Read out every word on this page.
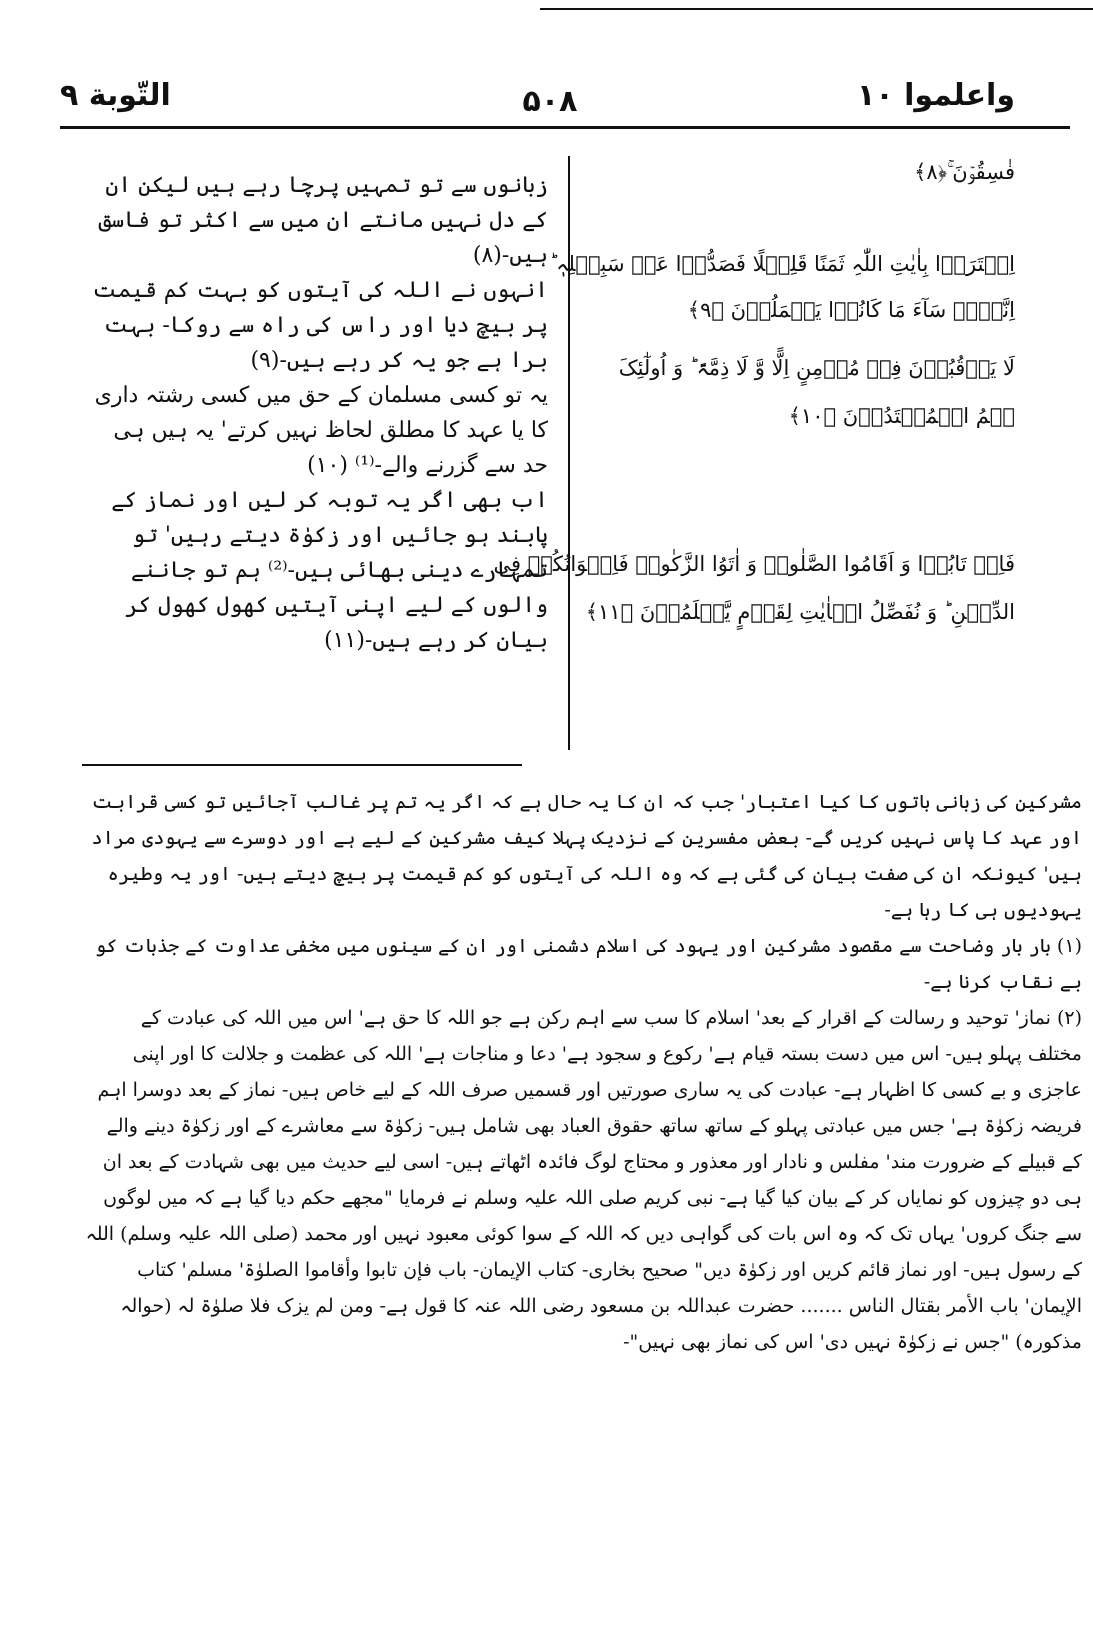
واعلموا ۱۰
۵۰۸
التّوبة ۹
فٰسِقُوۡنَ ۚ﴿۸﴾
اِشۡتَرَوۡا بِاٰیٰتِ اللّٰہِ ثَمَنًا قَلِیۡلًا فَصَدُّوۡا عَنۡ سَبِیۡلِہٖ ؕ
اِنَّہُمۡ سَآءَ مَا کَانُوۡا یَعۡمَلُوۡنَ ﴿۹﴾
لَا یَرۡقُبُوۡنَ فِیۡ مُؤۡمِنٍ اِلًّا وَّ لَا ذِمَّۃً ؕ وَ اُولٰٓئِکَ
ہُمُ الۡمُعۡتَدُوۡنَ ﴿۱۰﴾
فَاِنۡ تَابُوۡا وَ اَقَامُوا الصَّلٰوۃَ وَ اٰتَوُا الزَّکٰوۃَ فَاِخۡوَانُکُمۡ فِی
الدِّیۡنِ ؕ وَ نُفَصِّلُ الۡاٰیٰتِ لِقَوۡمٍ یَّعۡلَمُوۡنَ ﴿۱۱﴾

زبانوں سے تو تمہیں پرچا رہے ہیں لیکن ان کے دل نہیں مانتے ان میں سے اکثر تو فاسق ہیں-(۸)

انہوں نے اللہ کی آیتوں کو بہت کم قیمت پر بیچ دیا اور راس کی راہ سے روکا- بہت برا ہے جو یہ کر رہے ہیں-(۹)

یہ تو کسی مسلمان کے حق میں کسی رشتہ داری کا یا عہد کا مطلق لحاظ نہیں کرتے' یہ ہیں ہی حد سے گزرنے والے-⁽¹⁾ (۱۰)

اب بھی اگر یہ توبہ کر لیں اور نماز کے پابند ہو جائیں اور زکوٰۃ دیتے رہیں' تو تمہارے دینی بھائی ہیں-⁽²⁾ ہم تو جاننے والوں کے لیے اپنی آیتیں کھول کھول کر بیان کر رہے ہیں-(۱۱)

مشرکین کی زبانی باتوں کا کیا اعتبار' جب کہ ان کا یہ حال ہے کہ اگر یہ تم پر غالب آجائیں تو کسی قرابت اور عہد کا پاس نہیں کریں گے- بعض مفسرین کے نزدیک پہلا کیف مشرکین کے لیے ہے اور دوسرے سے یہودی مراد ہیں' کیونکہ ان کی صفت بیان کی گئی ہے کہ وہ اللہ کی آیتوں کو کم قیمت پر بیچ دیتے ہیں- اور یہ وطیرہ یہودیوں ہی کا رہا ہے-

(۱) بار بار وضاحت سے مقصود مشرکین اور یہود کی اسلام دشمنی اور ان کے سینوں میں مخفی عداوت کے جذبات کو بے نقاب کرنا ہے-

(۲) نماز' توحید و رسالت کے اقرار کے بعد' اسلام کا سب سے اہم رکن ہے جو اللہ کا حق ہے' اس میں اللہ کی عبادت کے مختلف پہلو ہیں- اس میں دست بستہ قیام ہے' رکوع و سجود ہے' دعا و مناجات ہے' اللہ کی عظمت و جلالت کا اور اپنی عاجزی و بے کسی کا اظہار ہے- عبادت کی یہ ساری صورتیں اور قسمیں صرف اللہ کے لیے خاص ہیں- نماز کے بعد دوسرا اہم فریضہ زکوٰۃ ہے' جس میں عبادتی پہلو کے ساتھ ساتھ حقوق العباد بھی شامل ہیں- زکوٰۃ سے معاشرے کے اور زکوٰۃ دینے والے کے قبیلے کے ضرورت مند' مفلس و نادار اور معذور و محتاج لوگ فائدہ اٹھاتے ہیں- اسی لیے حدیث میں بھی شہادت کے بعد ان ہی دو چیزوں کو نمایاں کر کے بیان کیا گیا ہے- نبی کریم صلی اللہ علیہ وسلم نے فرمایا "مجھے حکم دیا گیا ہے کہ میں لوگوں سے جنگ کروں' یہاں تک کہ وہ اس بات کی گواہی دیں کہ اللہ کے سوا کوئی معبود نہیں اور محمد (صلی اللہ علیہ وسلم) اللہ کے رسول ہیں- اور نماز قائم کریں اور زکوٰۃ دیں" صحیح بخاری- کتاب الإیمان- باب فإن تابوا وأقاموا الصلوٰۃ' مسلم' کتاب الإیمان' باب الأمر بقتال الناس ....... حضرت عبداللہ بن مسعود رضی اللہ عنہ کا قول ہے- ومن لم یزک فلا صلوٰۃ لہ (حوالہ مذکورہ) "جس نے زکوٰۃ نہیں دی' اس کی نماز بھی نہیں"-
